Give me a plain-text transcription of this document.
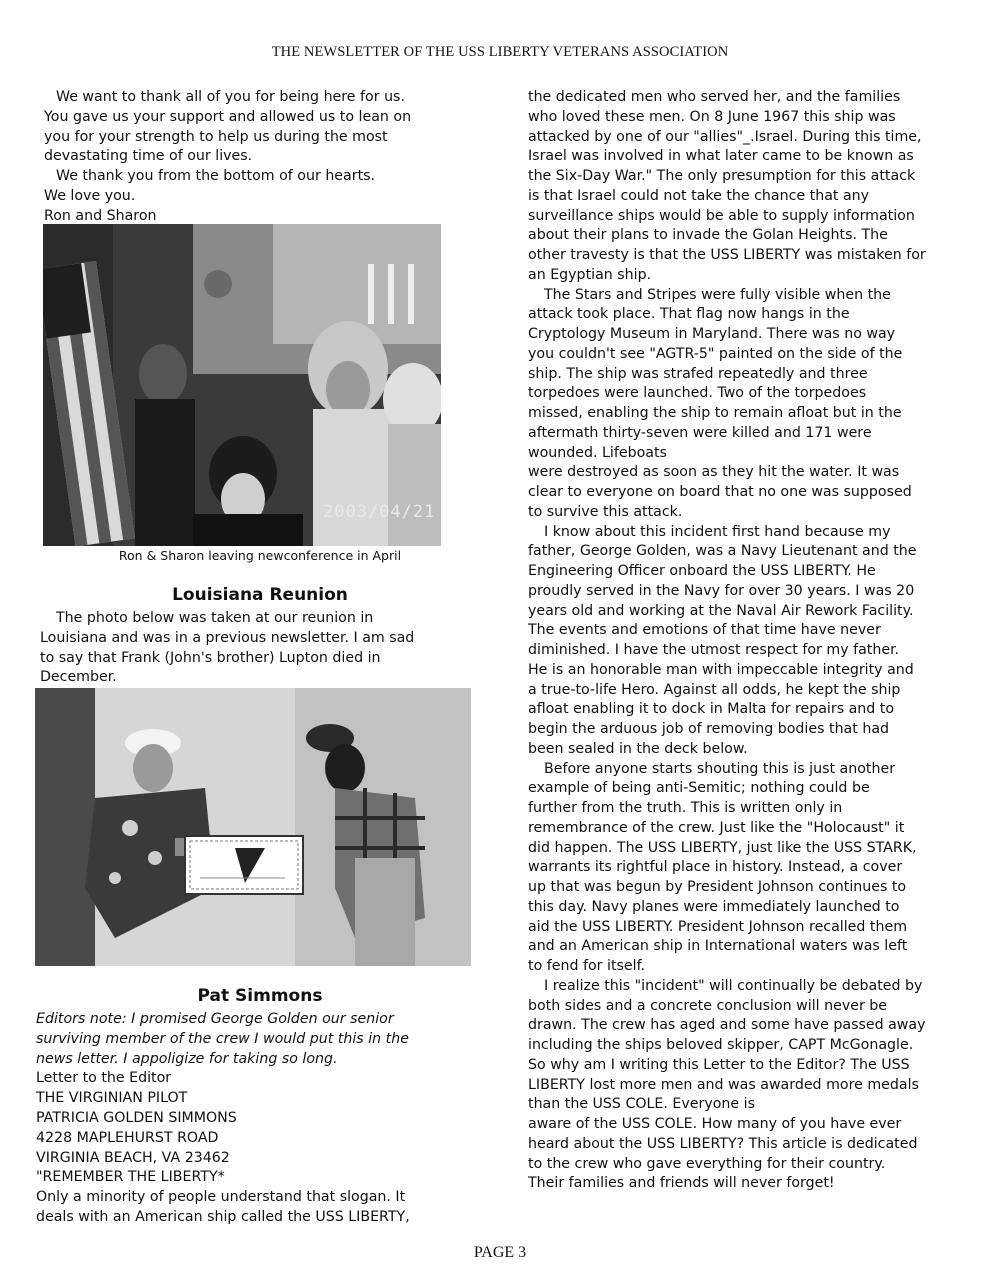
THE NEWSLETTER OF THE USS LIBERTY VETERANS ASSOCIATION
We want to thank all of you for being here for us.
You gave us your support and allowed us to lean on
you for your strength to help us during the most
devastating time of our lives.
We thank you from the bottom of our hearts.
We love you.
Ron and Sharon
2003/04/21
Ron & Sharon leaving newconference in April
Louisiana Reunion
The photo below was taken at our reunion in
Louisiana and was in a previous newsletter. I am sad
to say that Frank (John's brother) Lupton died in
December.
Pat Simmons
Editors note: I promised George Golden our senior
surviving member of the crew I would put this in the
news letter. I appoligize for taking so long.
Letter to the Editor
THE VIRGINIAN PILOT
PATRICIA GOLDEN SIMMONS
4228 MAPLEHURST ROAD
VIRGINIA BEACH, VA 23462
"REMEMBER THE LIBERTY*
Only a minority of people understand that slogan. It
deals with an American ship called the USS LIBERTY,
the dedicated men who served her, and the families
who loved these men. On 8 June 1967 this ship was
attacked by one of our "allies"_.Israel. During this time,
Israel was involved in what later came to be known as
the Six-Day War." The only presumption for this attack
is that Israel could not take the chance that any
surveillance ships would be able to supply information
about their plans to invade the Golan Heights. The
other travesty is that the USS LIBERTY was mistaken for
an Egyptian ship.
The Stars and Stripes were fully visible when the
attack took place. That flag now hangs in the
Cryptology Museum in Maryland. There was no way
you couldn't see "AGTR-5" painted on the side of the
ship. The ship was strafed repeatedly and three
torpedoes were launched. Two of the torpedoes
missed, enabling the ship to remain afloat but in the
aftermath thirty-seven were killed and 171 were
wounded. Lifeboats
were destroyed as soon as they hit the water. It was
clear to everyone on board that no one was supposed
to survive this attack.
I know about this incident first hand because my
father, George Golden, was a Navy Lieutenant and the
Engineering Officer onboard the USS LIBERTY. He
proudly served in the Navy for over 30 years. I was 20
years old and working at the Naval Air Rework Facility.
The events and emotions of that time have never
diminished. I have the utmost respect for my father.
He is an honorable man with impeccable integrity and
a true-to-life Hero. Against all odds, he kept the ship
afloat enabling it to dock in Malta for repairs and to
begin the arduous job of removing bodies that had
been sealed in the deck below.
Before anyone starts shouting this is just another
example of being anti-Semitic; nothing could be
further from the truth. This is written only in
remembrance of the crew. Just like the "Holocaust" it
did happen. The USS LIBERTY, just like the USS STARK,
warrants its rightful place in history. Instead, a cover
up that was begun by President Johnson continues to
this day. Navy planes were immediately launched to
aid the USS LIBERTY. President Johnson recalled them
and an American ship in International waters was left
to fend for itself.
I realize this "incident" will continually be debated by
both sides and a concrete conclusion will never be
drawn. The crew has aged and some have passed away
including the ships beloved skipper, CAPT McGonagle.
So why am I writing this Letter to the Editor? The USS
LIBERTY lost more men and was awarded more medals
than the USS COLE. Everyone is
aware of the USS COLE. How many of you have ever
heard about the USS LIBERTY? This article is dedicated
to the crew who gave everything for their country.
Their families and friends will never forget!
PAGE 3
